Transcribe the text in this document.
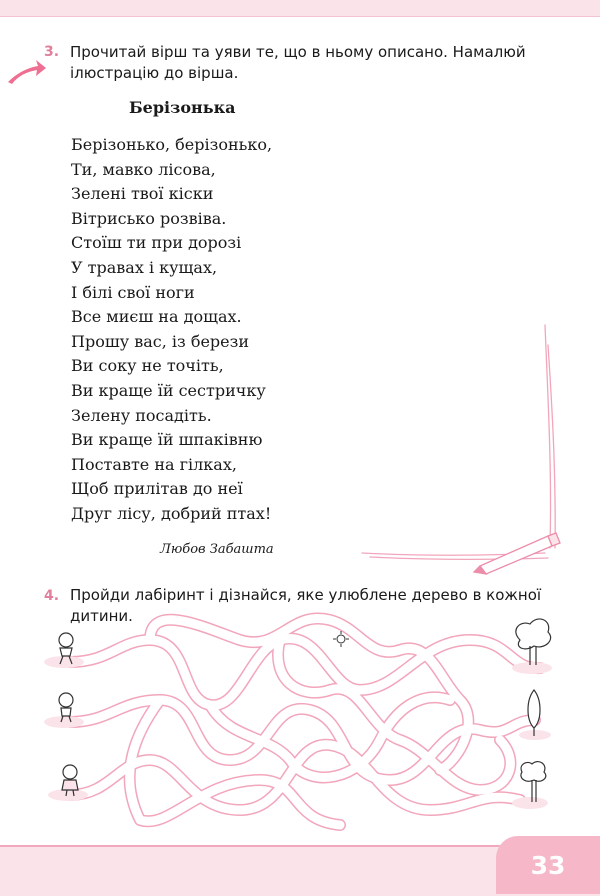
3. Прочитай вірш та уяви те, що в ньому описано. Намалюй
ілюстрацію до вірша.
Берізонька
Берізонько, берізонько,
Ти, мавко лісова,
Зелені твої кіски
Вітрисько розвіва.
Стоїш ти при дорозі
У травах і кущах,
І білі свої ноги
Все миєш на дощах.
Прошу вас, із берези
Ви соку не точіть,
Ви краще їй сестричку
Зелену посадіть.
Ви краще їй шпаківню
Поставте на гілках,
Щоб прилітав до неї
Друг лісу, добрий птах!
Любов Забашта
4. Пройди лабіринт і дізнайся, яке улюблене дерево в кожної
дитини.
33
